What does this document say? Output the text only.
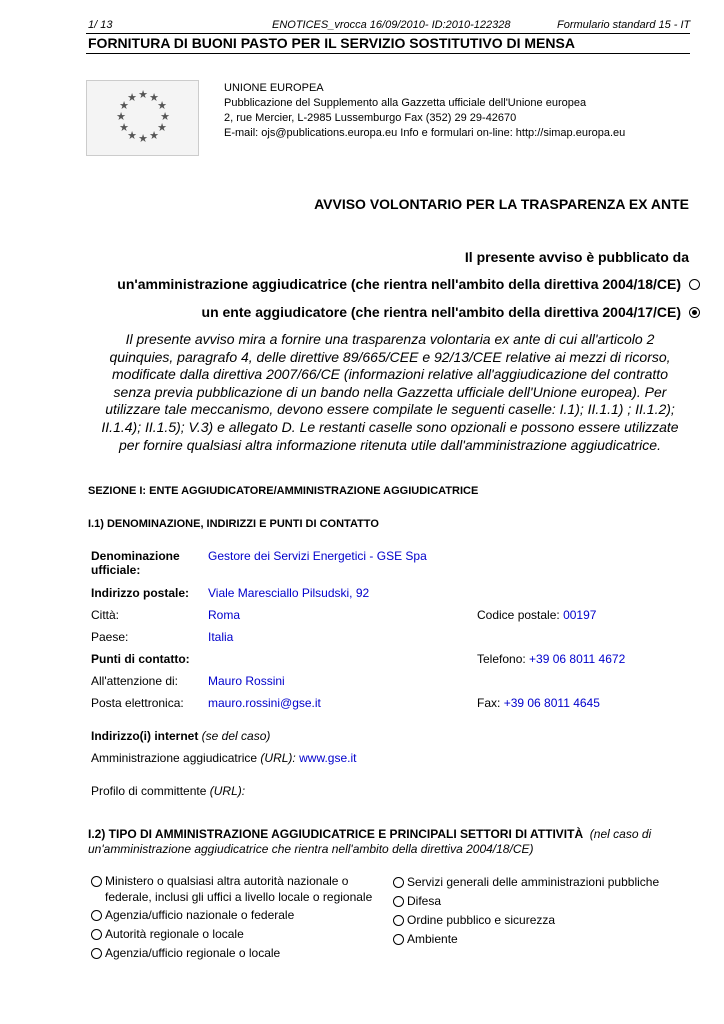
1/ 13	ENOTICES_vrocca 16/09/2010- ID:2010-122328	Formulario standard 15 - IT
FORNITURA DI BUONI PASTO PER IL SERVIZIO SOSTITUTIVO DI MENSA
★ ★
★
★
★
★
★
★
★
★
★
★
UNIONE EUROPEA
Pubblicazione del Supplemento alla Gazzetta ufficiale dell'Unione europea
2, rue Mercier, L-2985 Lussemburgo Fax (352) 29 29-42670
E-mail: ojs@publications.europa.eu Info e formulari on-line: http://simap.europa.eu
AVVISO VOLONTARIO PER LA TRASPARENZA EX ANTE
Il presente avviso è pubblicato da
un'amministrazione aggiudicatrice (che rientra nell'ambito della direttiva 2004/18/CE)
un ente aggiudicatore (che rientra nell'ambito della direttiva 2004/17/CE)
Il presente avviso mira a fornire una trasparenza volontaria ex ante di cui all'articolo 2
quinquies, paragrafo 4, delle direttive 89/665/CEE e 92/13/CEE relative ai mezzi di ricorso,
modificate dalla direttiva 2007/66/CE (informazioni relative all'aggiudicazione del contratto
senza previa pubblicazione di un bando nella Gazzetta ufficiale dell'Unione europea). Per
utilizzare tale meccanismo, devono essere compilate le seguenti caselle: I.1); II.1.1) ; II.1.2);
II.1.4); II.1.5); V.3) e allegato D. Le restanti caselle sono opzionali e possono essere utilizzate
per fornire qualsiasi altra informazione ritenuta utile dall'amministrazione aggiudicatrice.
SEZIONE I: ENTE AGGIUDICATORE/AMMINISTRAZIONE AGGIUDICATRICE
I.1) DENOMINAZIONE, INDIRIZZI E PUNTI DI CONTATTO
Denominazione
ufficiale:
Gestore dei Servizi Energetici - GSE Spa
Indirizzo postale: Viale Maresciallo Pilsudski, 92
Città:	Roma	Codice postale: 00197
Paese:	Italia
Punti di contatto:	Telefono: +39 06 8011 4672
All'attenzione di: Mauro Rossini
Posta elettronica: mauro.rossini@gse.it	Fax: +39 06 8011 4645
Indirizzo(i) internet (se del caso)
Amministrazione aggiudicatrice (URL): www.gse.it
Profilo di committente (URL):
I.2) TIPO DI AMMINISTRAZIONE AGGIUDICATRICE E PRINCIPALI SETTORI DI ATTIVITÀ (nel caso di
un'amministrazione aggiudicatrice che rientra nell'ambito della direttiva 2004/18/CE)
Ministero o qualsiasi altra autorità nazionale o
federale, inclusi gli uffici a livello locale o regionale
Agenzia/ufficio nazionale o federale
Autorità regionale o locale
Agenzia/ufficio regionale o locale
Servizi generali delle amministrazioni pubbliche
Difesa
Ordine pubblico e sicurezza
Ambiente
